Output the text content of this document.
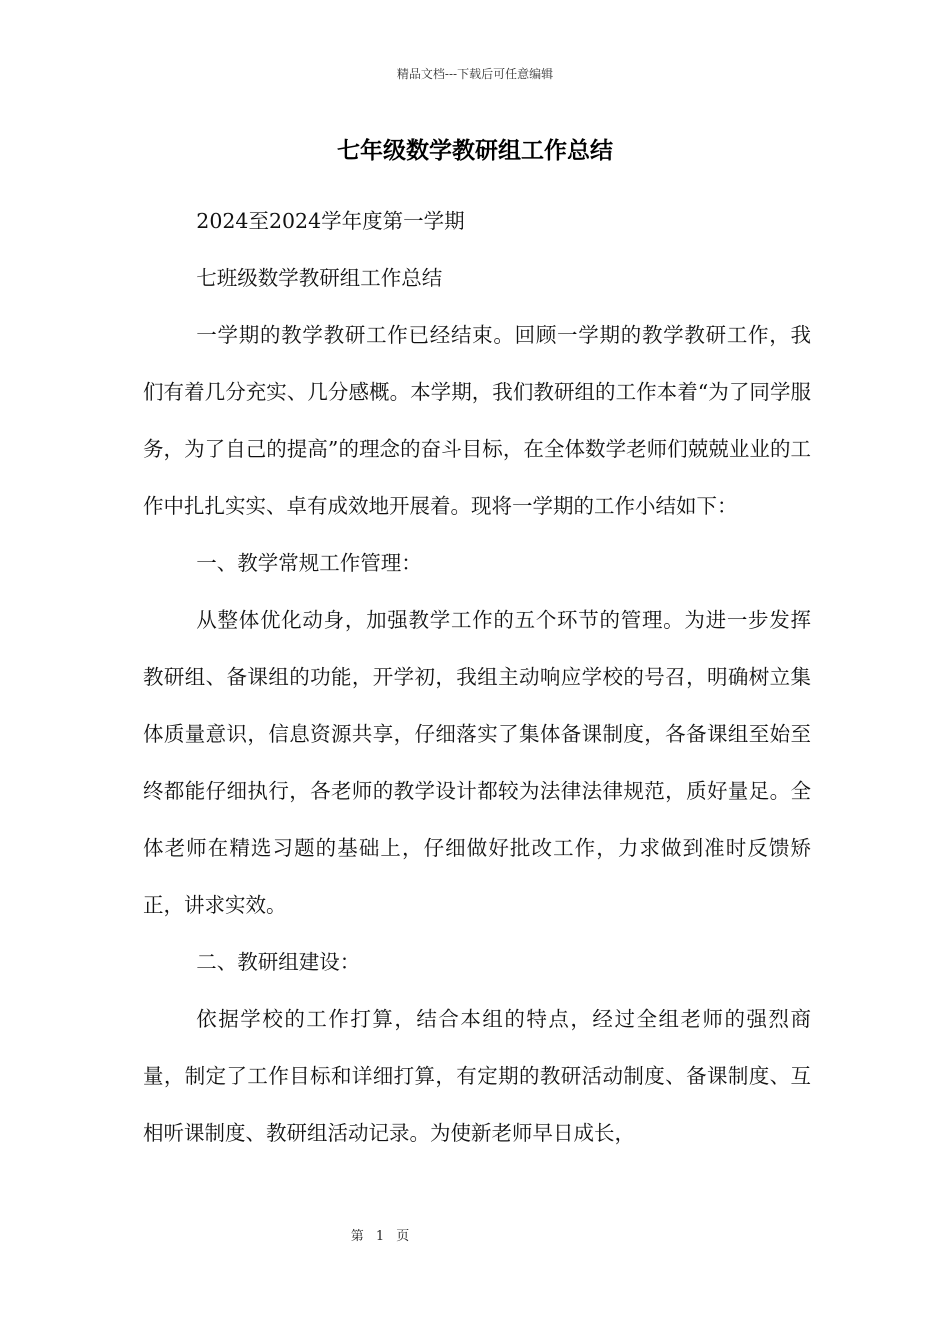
精品文档---下载后可任意编辑
七年级数学教研组工作总结

2024至2024学年度第一学期

七班级数学教研组工作总结

一学期的教学教研工作已经结束。回顾一学期的教学教研工作，我们有着几分充实、几分感概。本学期，我们教研组的工作本着“为了同学服务，为了自己的提高”的理念的奋斗目标，在全体数学老师们兢兢业业的工作中扎扎实实、卓有成效地开展着。现将一学期的工作小结如下：

一、教学常规工作管理：

从整体优化动身，加强教学工作的五个环节的管理。为进一步发挥教研组、备课组的功能，开学初，我组主动响应学校的号召，明确树立集体质量意识，信息资源共享，仔细落实了集体备课制度，各备课组至始至终都能仔细执行，各老师的教学设计都较为法律法律规范，质好量足。全体老师在精选习题的基础上，仔细做好批改工作，力求做到准时反馈矫正，讲求实效。

二、教研组建设：

依据学校的工作打算，结合本组的特点，经过全组老师的强烈商量，制定了工作目标和详细打算，有定期的教研活动制度、备课制度、互相听课制度、教研组活动记录。为使新老师早日成长，

第 1 页
